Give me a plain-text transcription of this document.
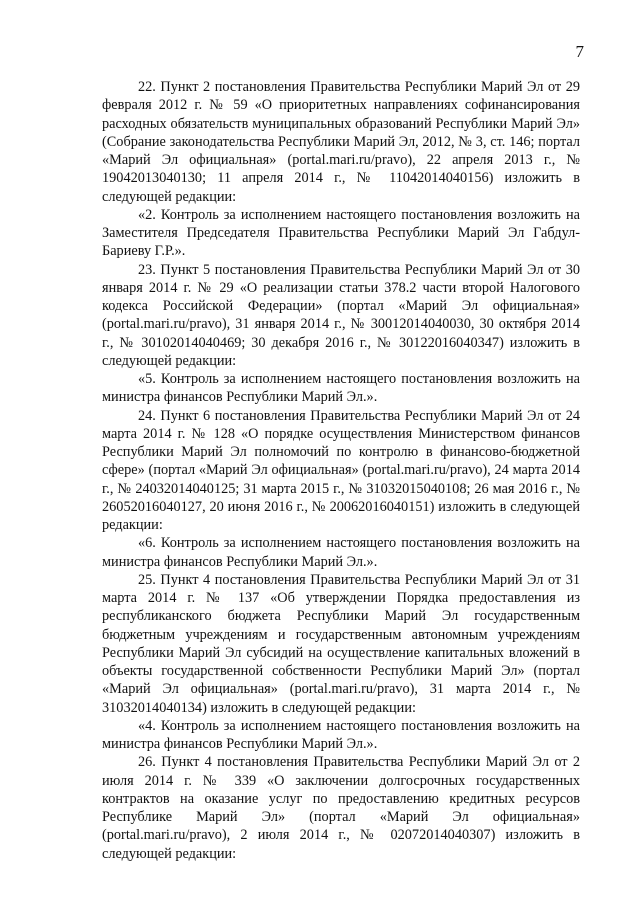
7

22. Пункт 2 постановления Правительства Республики Марий Эл от 29 февраля 2012 г. № 59 «О приоритетных направлениях софинансирования расходных обязательств муниципальных образований Республики Марий Эл» (Собрание законодательства Республики Марий Эл, 2012, № 3, ст. 146; портал «Марий Эл официальная» (portal.mari.ru/pravo), 22 апреля 2013 г., № 19042013040130; 11 апреля 2014 г., № 11042014040156) изложить в следующей редакции:

«2. Контроль за исполнением настоящего постановления возложить на Заместителя Председателя Правительства Республики Марий Эл Габдул-Бариеву Г.Р.».

23. Пункт 5 постановления Правительства Республики Марий Эл от 30 января 2014 г. № 29 «О реализации статьи 378.2 части второй Налогового кодекса Российской Федерации» (портал «Марий Эл официальная» (portal.mari.ru/pravo), 31 января 2014 г., № 30012014040030, 30 октября 2014 г., № 30102014040469; 30 декабря 2016 г., № 30122016040347) изложить в следующей редакции:

«5. Контроль за исполнением настоящего постановления возложить на министра финансов Республики Марий Эл.».

24. Пункт 6 постановления Правительства Республики Марий Эл от 24 марта 2014 г. № 128 «О порядке осуществления Министерством финансов Республики Марий Эл полномочий по контролю в финансово-бюджетной сфере» (портал «Марий Эл официальная» (portal.mari.ru/pravo), 24 марта 2014 г., № 24032014040125; 31 марта 2015 г., № 31032015040108; 26 мая 2016 г., № 26052016040127, 20 июня 2016 г., № 20062016040151) изложить в следующей редакции:

«6. Контроль за исполнением настоящего постановления возложить на министра финансов Республики Марий Эл.».

25. Пункт 4 постановления Правительства Республики Марий Эл от 31 марта 2014 г. № 137 «Об утверждении Порядка предоставления из республиканского бюджета Республики Марий Эл государственным бюджетным учреждениям и государственным автономным учреждениям Республики Марий Эл субсидий на осуществление капитальных вложений в объекты государственной собственности Республики Марий Эл» (портал «Марий Эл официальная» (portal.mari.ru/pravo), 31 марта 2014 г., № 31032014040134) изложить в следующей редакции:

«4. Контроль за исполнением настоящего постановления возложить на министра финансов Республики Марий Эл.».

26. Пункт 4 постановления Правительства Республики Марий Эл от 2 июля 2014 г. № 339 «О заключении долгосрочных государственных контрактов на оказание услуг по предоставлению кредитных ресурсов Республике Марий Эл» (портал «Марий Эл официальная» (portal.mari.ru/pravo), 2 июля 2014 г., № 02072014040307) изложить в следующей редакции:
